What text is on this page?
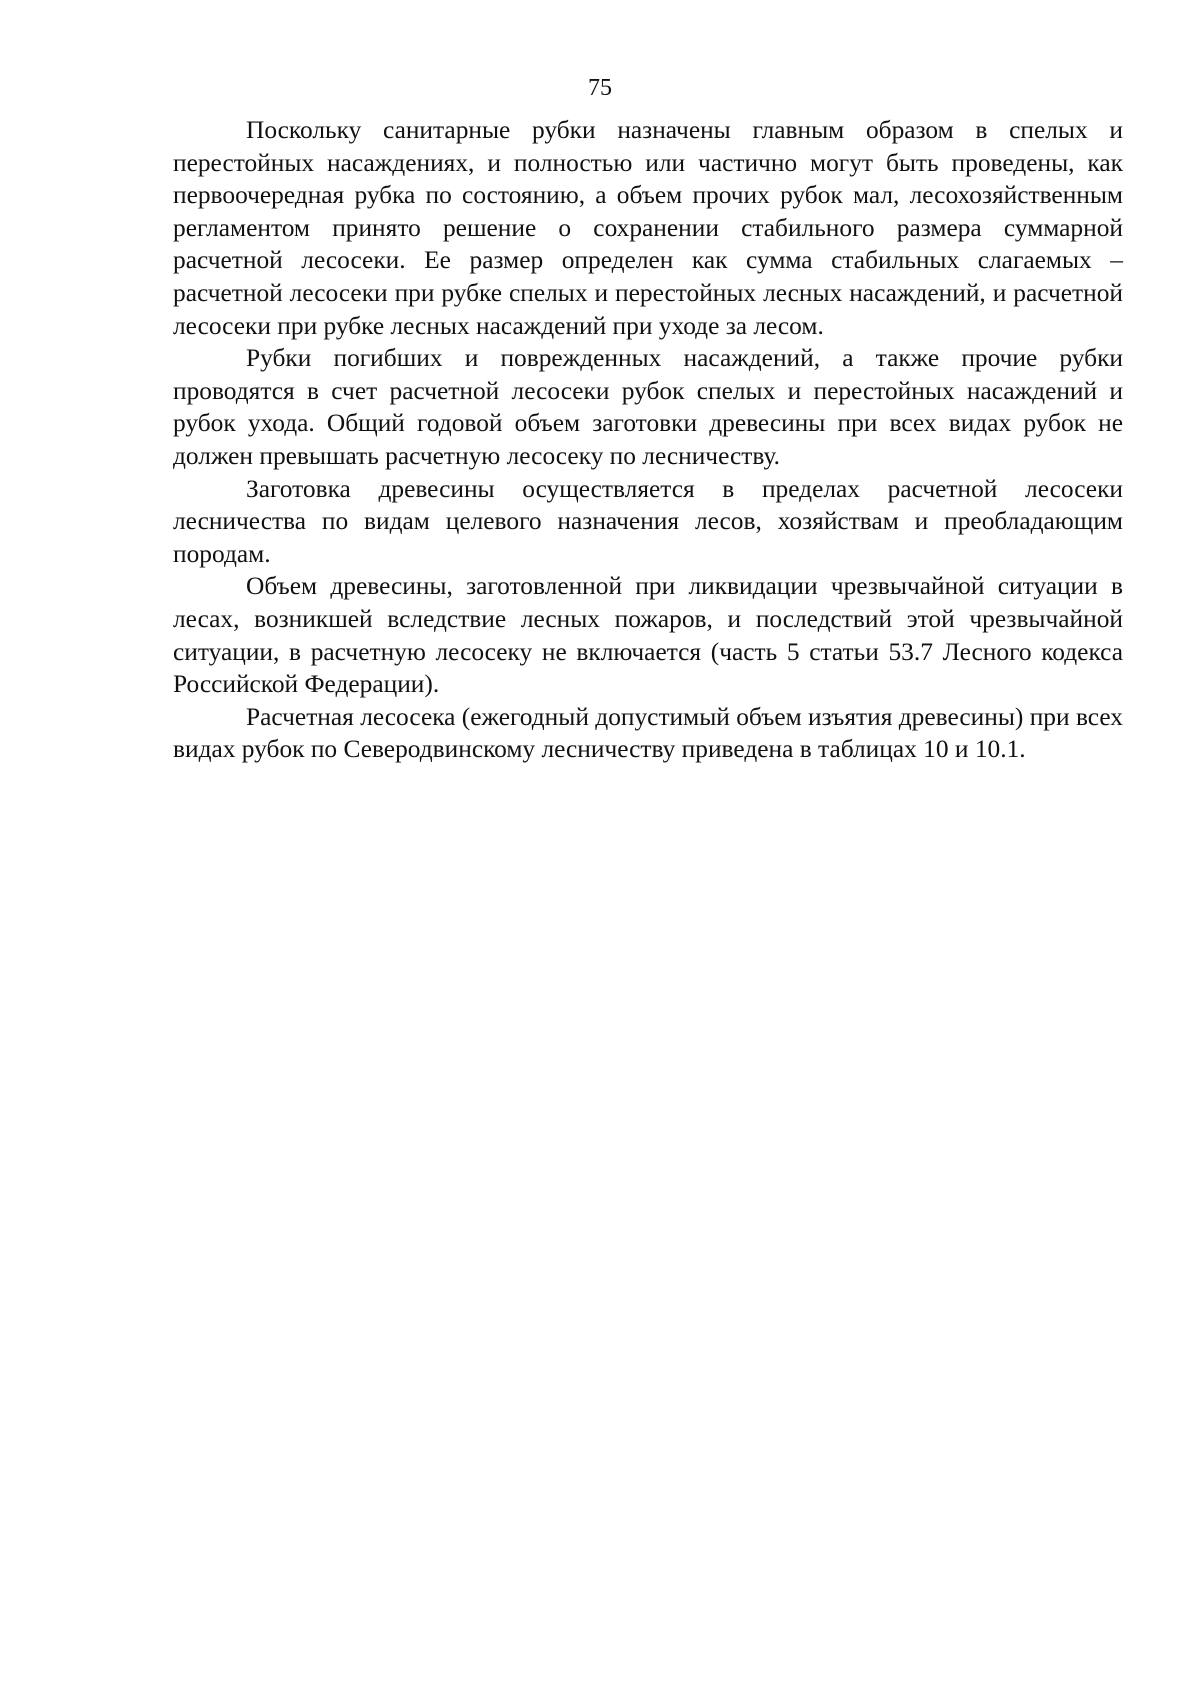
75

Поскольку санитарные рубки назначены главным образом в спелых и перестойных насаждениях, и полностью или частично могут быть проведены, как первоочередная рубка по состоянию, а объем прочих рубок мал, лесохозяйственным регламентом принято решение о сохранении стабильного размера суммарной расчетной лесосеки. Ее размер определен как сумма стабильных слагаемых – расчетной лесосеки при рубке спелых и перестойных лесных насаждений, и расчетной лесосеки при рубке лесных насаждений при уходе за лесом.

Рубки погибших и поврежденных насаждений, а также прочие рубки проводятся в счет расчетной лесосеки рубок спелых и перестойных насаждений и рубок ухода. Общий годовой объем заготовки древесины при всех видах рубок не должен превышать расчетную лесосеку по лесничеству.

Заготовка древесины осуществляется в пределах расчетной лесосеки лесничества по видам целевого назначения лесов, хозяйствам и преобладающим породам.

Объем древесины, заготовленной при ликвидации чрезвычайной ситуации в лесах, возникшей вследствие лесных пожаров, и последствий этой чрезвычайной ситуации, в расчетную лесосеку не включается (часть 5 статьи 53.7 Лесного кодекса Российской Федерации).

Расчетная лесосека (ежегодный допустимый объем изъятия древесины) при всех видах рубок по Северодвинскому лесничеству приведена в таблицах 10 и 10.1.
